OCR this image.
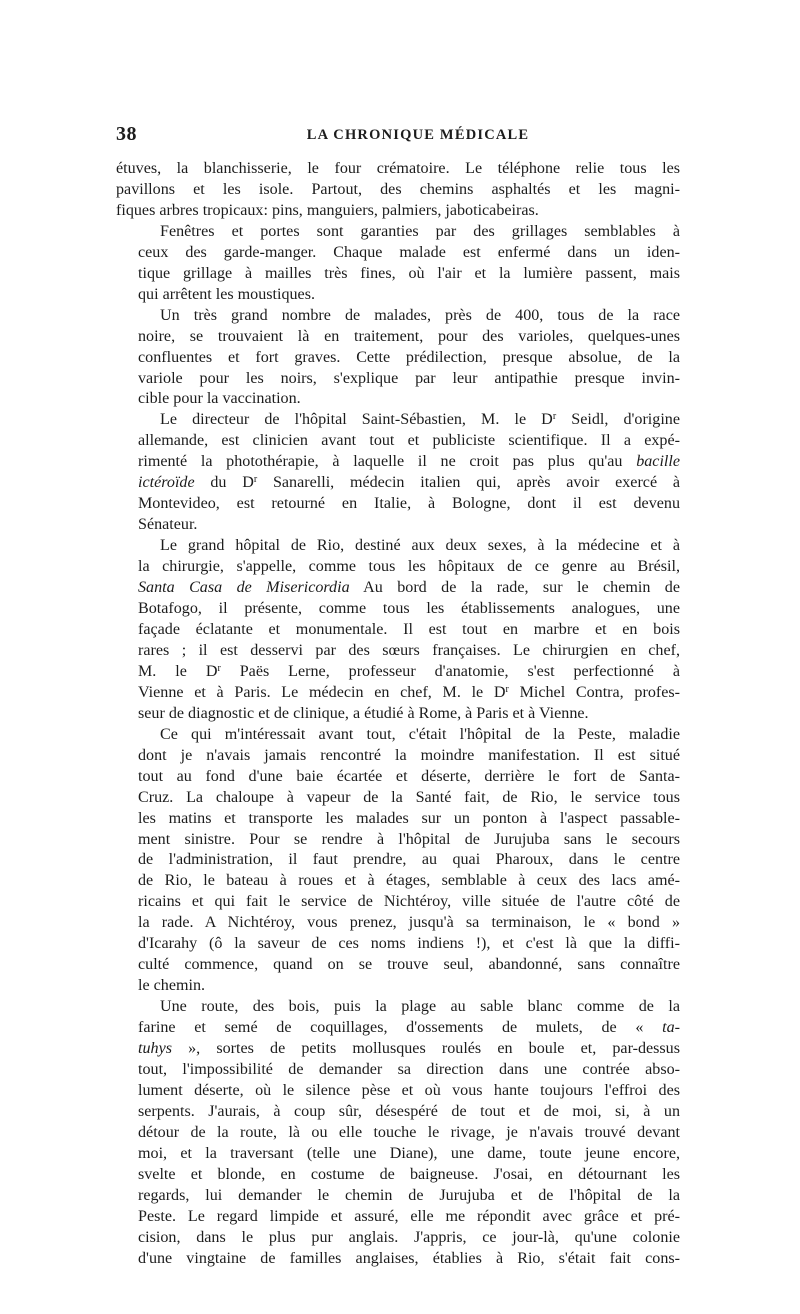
38	LA CHRONIQUE MÉDICALE
étuves, la blanchisserie, le four crématoire. Le téléphone relie tous les
pavillons et les isole. Partout, des chemins asphaltés et les magni-
fiques arbres tropicaux: pins, manguiers, palmiers, jaboticabeiras.
Fenêtres et portes sont garanties par des grillages semblables à
ceux des garde-manger. Chaque malade est enfermé dans un iden-
tique grillage à mailles très fines, où l'air et la lumière passent, mais
qui arrêtent les moustiques.
Un très grand nombre de malades, près de 400, tous de la race
noire, se trouvaient là en traitement, pour des varioles, quelques-unes
confluentes et fort graves. Cette prédilection, presque absolue, de la
variole pour les noirs, s'explique par leur antipathie presque invin-
cible pour la vaccination.
Le directeur de l'hôpital Saint-Sébastien, M. le $D^r$ Seidl, d'origine
allemande, est clinicien avant tout et publiciste scientifique. Il a expé-
rimenté la photothérapie, à laquelle il ne croit pas plus qu'au bacille
ictéroïde du $D^r$ Sanarelli, médecin italien qui, après avoir exercé à
Montevideo, est retourné en Italie, à Bologne, dont il est devenu
Sénateur.
Le grand hôpital de Rio, destiné aux deux sexes, à la médecine et à
la chirurgie, s'appelle, comme tous les hôpitaux de ce genre au Brésil,
Santa Casa de Misericordia Au bord de la rade, sur le chemin de
Botafogo, il présente, comme tous les établissements analogues, une
façade éclatante et monumentale. Il est tout en marbre et en bois
rares ; il est desservi par des sœurs françaises. Le chirurgien en chef,
M. le $D^r$ Paës Lerne, professeur d'anatomie, s'est perfectionné à
Vienne et à Paris. Le médecin en chef, M. le $D^r$ Michel Contra, profes-
seur de diagnostic et de clinique, a étudié à Rome, à Paris et à Vienne.
Ce qui m'intéressait avant tout, c'était l'hôpital de la Peste, maladie
dont je n'avais jamais rencontré la moindre manifestation. Il est situé
tout au fond d'une baie écartée et déserte, derrière le fort de Santa-
Cruz. La chaloupe à vapeur de la Santé fait, de Rio, le service tous
les matins et transporte les malades sur un ponton à l'aspect passable-
ment sinistre. Pour se rendre à l'hôpital de Jurujuba sans le secours
de l'administration, il faut prendre, au quai Pharoux, dans le centre
de Rio, le bateau à roues et à étages, semblable à ceux des lacs amé-
ricains et qui fait le service de Nichtéroy, ville située de l'autre côté de
la rade. A Nichtéroy, vous prenez, jusqu'à sa terminaison, le « bond »
d'Icarahy (ô la saveur de ces noms indiens !), et c'est là que la diffi-
culté commence, quand on se trouve seul, abandonné, sans connaître
le chemin.
Une route, des bois, puis la plage au sable blanc comme de la
farine et semé de coquillages, d'ossements de mulets, de « ta-
tuhys », sortes de petits mollusques roulés en boule et, par-dessus
tout, l'impossibilité de demander sa direction dans une contrée abso-
lument déserte, où le silence pèse et où vous hante toujours l'effroi des
serpents. J'aurais, à coup sûr, désespéré de tout et de moi, si, à un
détour de la route, là ou elle touche le rivage, je n'avais trouvé devant
moi, et la traversant (telle une Diane), une dame, toute jeune encore,
svelte et blonde, en costume de baigneuse. J'osai, en détournant les
regards, lui demander le chemin de Jurujuba et de l'hôpital de la
Peste. Le regard limpide et assuré, elle me répondit avec grâce et pré-
cision, dans le plus pur anglais. J'appris, ce jour-là, qu'une colonie
d'une vingtaine de familles anglaises, établies à Rio, s'était fait cons-
